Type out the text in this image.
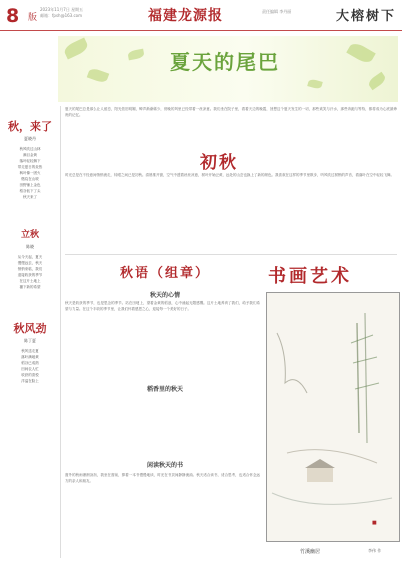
8 版
2023年11月7日 星期五
邮箱：fpsh@163.com	福建龙源报	责任编辑 李丹丽	大榕树下
夏天的尾巴
秋，来了
夏晓丹
秋风吹过山林
满目金黄
落叶轻轻飘下
带走夏日的炎热
枫叶像一团火
燃烧在山坡
田野铺上金色
稻谷低下了头
秋天来了
立秋
陈晓
从今天起，夏天
慢慢远去，秋天
悄悄来临，我们
迎接收获的季节
在这片土地上
播下新的希望
秋风劲
陈丁夏
秋风送走夏
落叶满地黄
稻谷已成熟
田间农人忙
收获的喜悦
洋溢在脸上
夏天的尾巴总是那么让人留恋，阳光依旧明媚，蝉声渐渐稀少，傍晚的风里已经带着一丝凉意。我们坐在院子里，看着天边的晚霞，回想这个夏天发生的一切，那些欢笑与汗水，那些奔跑与等待，都将成为心底最珍贵的记忆。
初秋
时光总是在不经意间悄悄流走，转眼之间已是初秋。清晨推开窗，空气中透着丝丝凉意，树叶开始泛黄，远处的山峦也换上了新的颜色。我喜欢在这样的季节里散步，听风吹过树梢的声音，看落叶在空中轻轻飞舞。
秋语（组章）
秋天的心情
秋天是收获的季节，也是思念的季节。站在田埂上，望着金黄的稻浪，心中涌起无限感慨。这片土地养育了我们，给予我们希望与力量。在这个丰收的季节里，让我们怀着感恩之心，迎接每一个美好的日子。
稻香里的秋天
闲读秋天的书
窗外的秋雨淅淅沥沥，我坐在窗前，捧着一本书慢慢地读，时光在书页间静静流淌。秋天适合读书，适合思考，也适合怀念远方的亲人和朋友。
书画艺术
竹溪幽居	李伟 作
■
